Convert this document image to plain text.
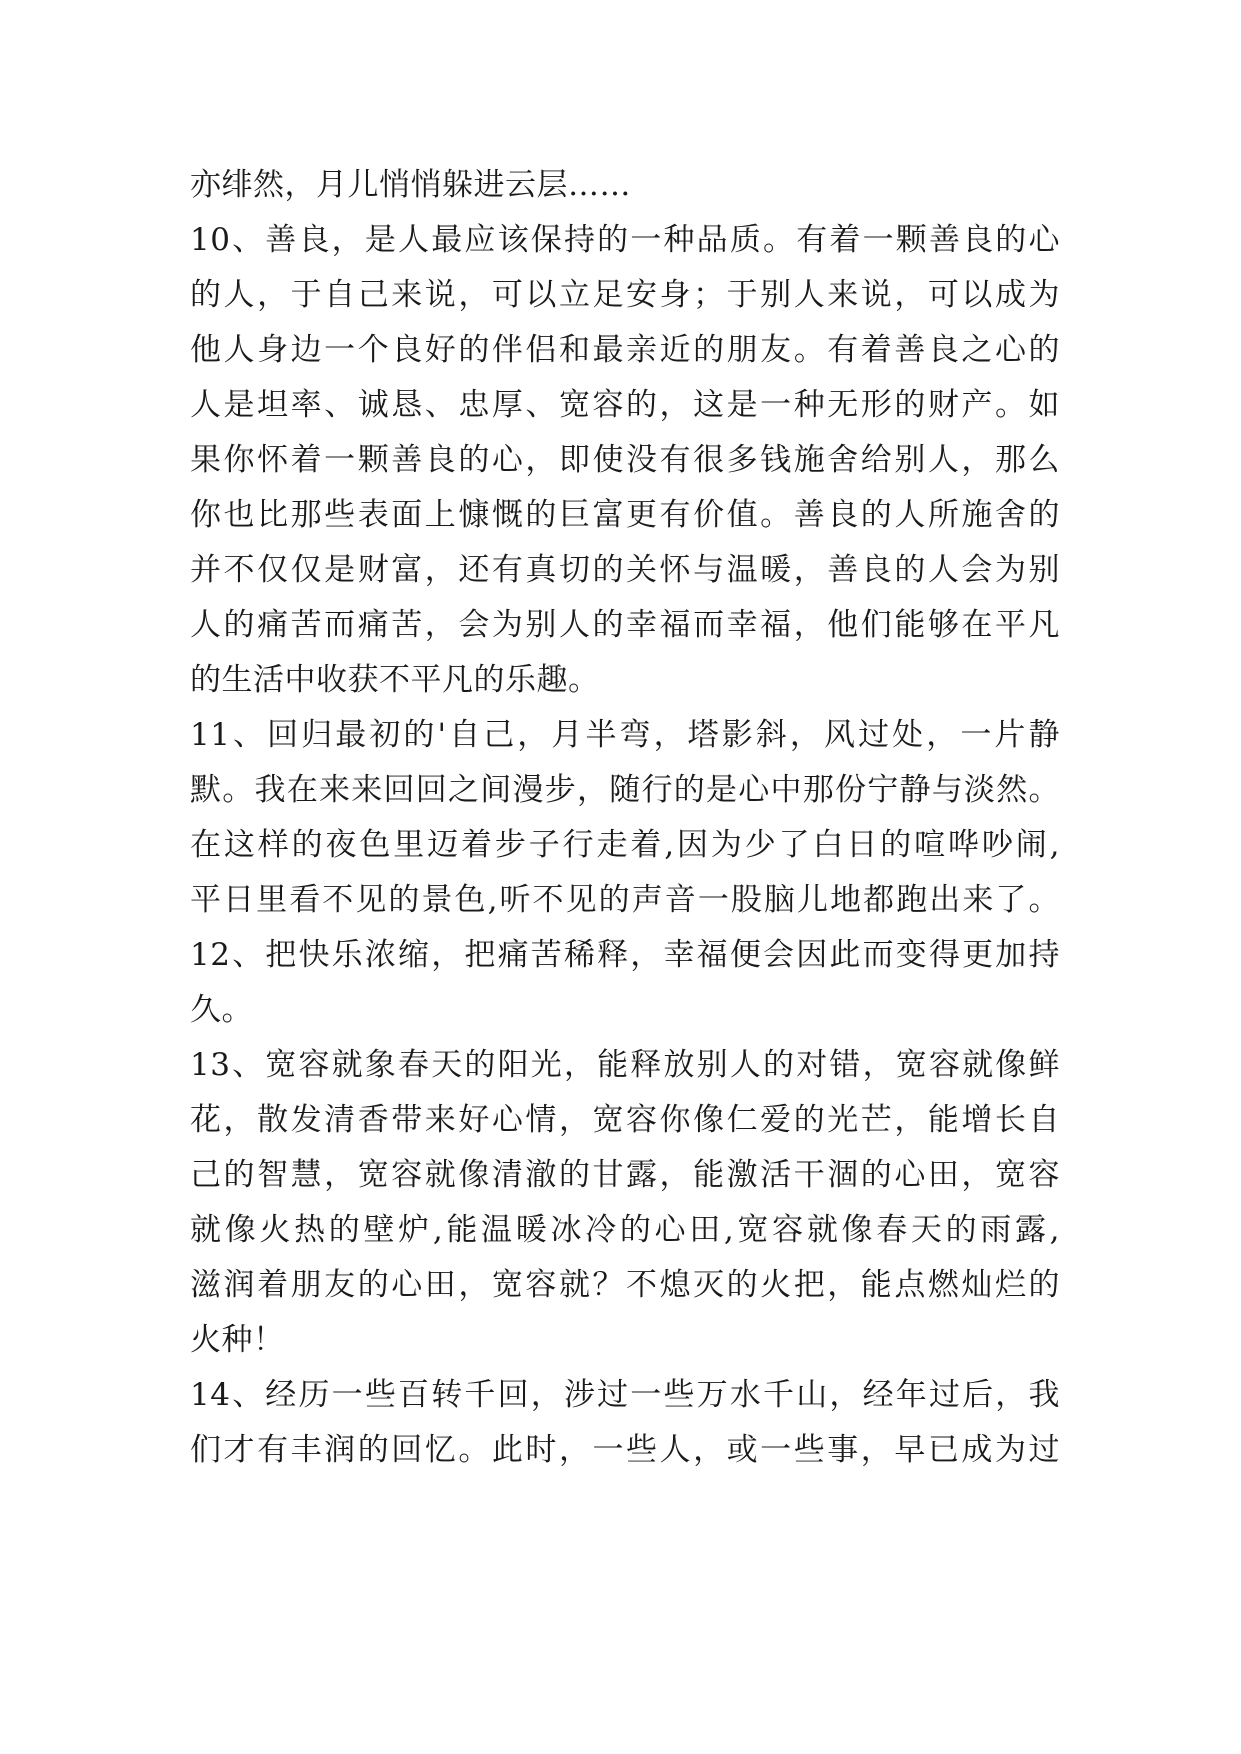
亦绯然，月儿悄悄躲进云层……
10、善良，是人最应该保持的一种品质。有着一颗善良的心
的人，于自己来说，可以立足安身；于别人来说，可以成为
他人身边一个良好的伴侣和最亲近的朋友。有着善良之心的
人是坦率、诚恳、忠厚、宽容的，这是一种无形的财产。如
果你怀着一颗善良的心，即使没有很多钱施舍给别人，那么
你也比那些表面上慷慨的巨富更有价值。善良的人所施舍的
并不仅仅是财富，还有真切的关怀与温暖，善良的人会为别
人的痛苦而痛苦，会为别人的幸福而幸福，他们能够在平凡
的生活中收获不平凡的乐趣。
11、回归最初的'自己，月半弯，塔影斜，风过处，一片静
默。我在来来回回之间漫步，随行的是心中那份宁静与淡然。
在这样的夜色里迈着步子行走着,因为少了白日的喧哗吵闹,
平日里看不见的景色,听不见的声音一股脑儿地都跑出来了。
12、把快乐浓缩，把痛苦稀释，幸福便会因此而变得更加持
久。
13、宽容就象春天的阳光，能释放别人的对错，宽容就像鲜
花，散发清香带来好心情，宽容你像仁爱的光芒，能增长自
己的智慧，宽容就像清澈的甘露，能激活干涸的心田，宽容
就像火热的壁炉,能温暖冰冷的心田,宽容就像春天的雨露,
滋润着朋友的心田，宽容就？不熄灭的火把，能点燃灿烂的
火种！
14、经历一些百转千回，涉过一些万水千山，经年过后，我
们才有丰润的回忆。此时，一些人，或一些事，早已成为过
